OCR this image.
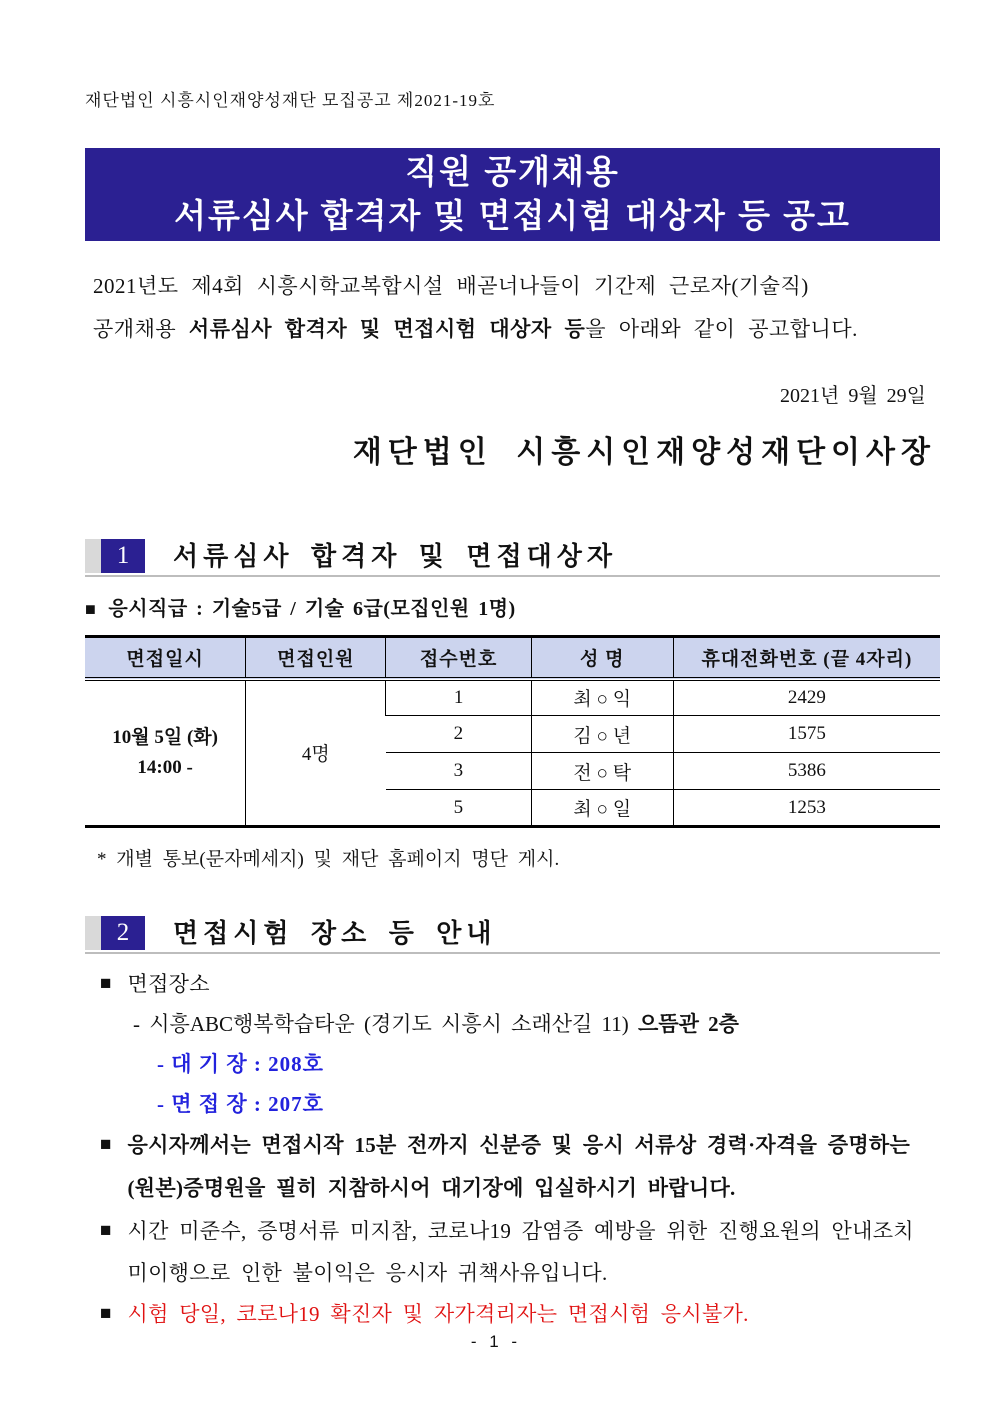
재단법인 시흥시인재양성재단 모집공고 제2021-19호
직원 공개채용
서류심사 합격자 및 면접시험 대상자 등 공고
2021년도 제4회 시흥시학교복합시설 배곧너나들이 기간제 근로자(기술직)
공개채용 서류심사 합격자 및 면접시험 대상자 등을 아래와 같이 공고합니다.
2021년 9월 29일
재단법인 시흥시인재양성재단이사장
1	서류심사 합격자 및 면접대상자
■ 응시직급 : 기술5급 / 기술 6급(모집인원 1명)
면접일시	면접인원	접수번호	성 명	휴대전화번호 (끝 4자리)

10월 5일 (화)
14:00 -	4명	1	최 ○ 익	2429
		2	김 ○ 년	1575
		3	전 ○ 탁	5386
		5	최 ○ 일	1253
* 개별 통보(문자메세지) 및 재단 홈페이지 명단 게시.
2	면접시험 장소 등 안내
■ 면접장소
- 시흥ABC행복학습타운 (경기도 시흥시 소래산길 11) 으뜸관 2층
- 대 기 장 : 208호
- 면 접 장 : 207호
■ 응시자께서는 면접시작 15분 전까지 신분증 및 응시 서류상 경력·자격을 증명하는 (원본)증명원을 필히 지참하시어 대기장에 입실하시기 바랍니다.
■ 시간 미준수, 증명서류 미지참, 코로나19 감염증 예방을 위한 진행요원의 안내조치 미이행으로 인한 불이익은 응시자 귀책사유입니다.
■ 시험 당일, 코로나19 확진자 및 자가격리자는 면접시험 응시불가.
- 1 -
